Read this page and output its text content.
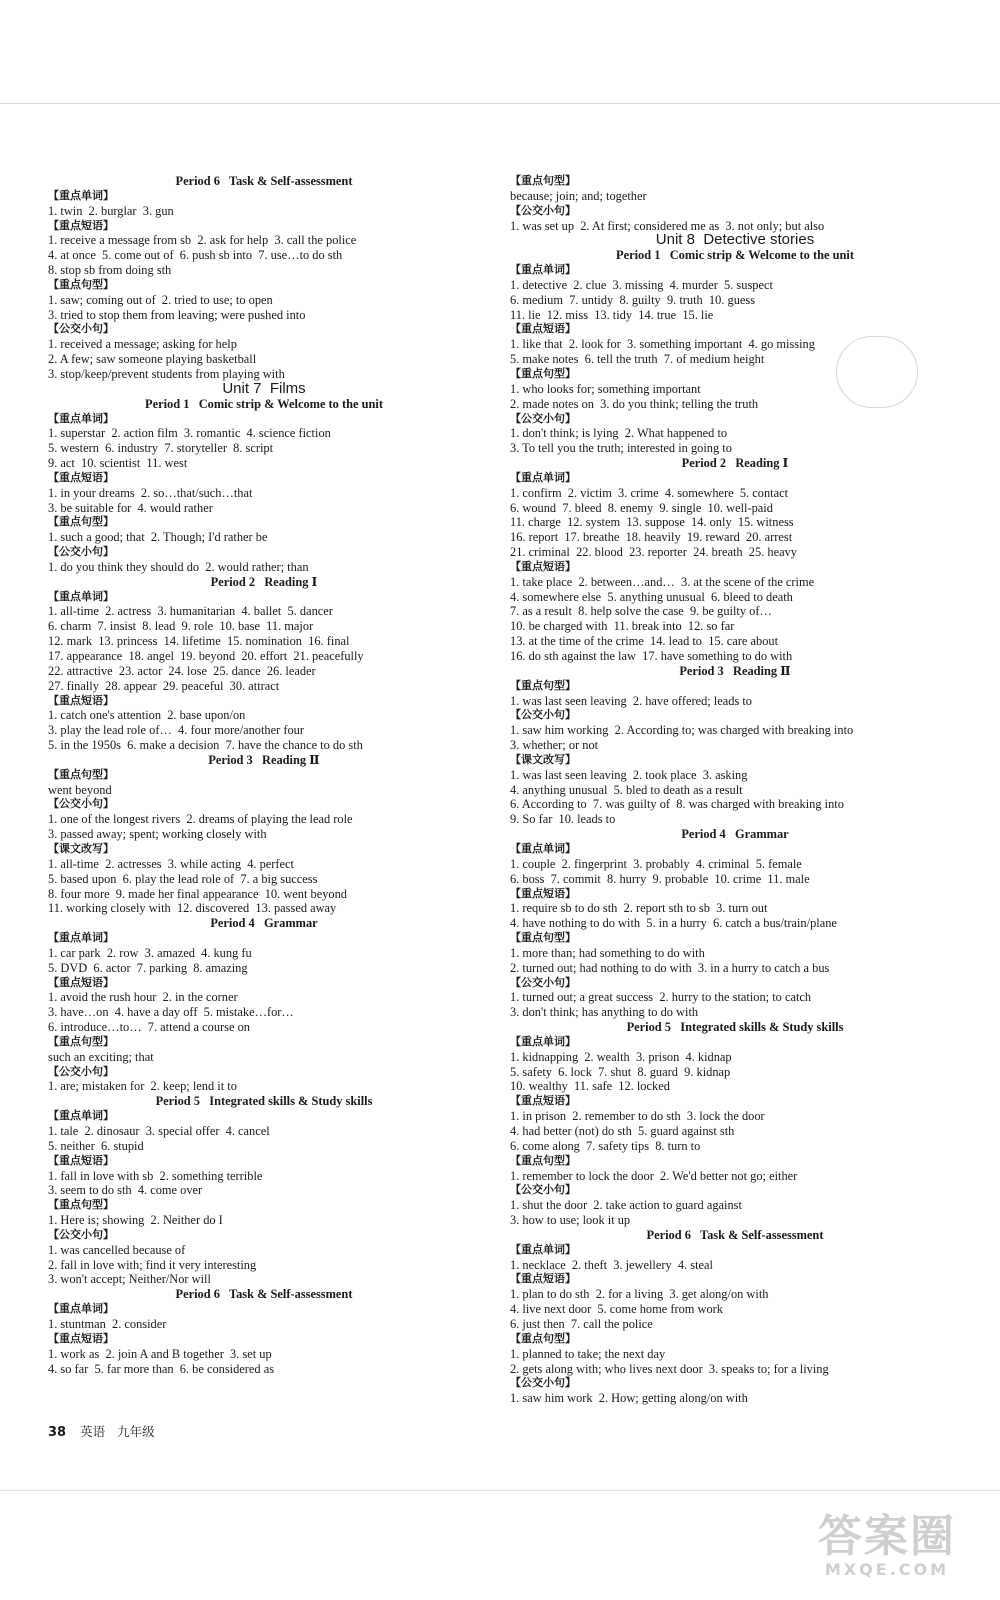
Period 6   Task & Self-assessment
【重点单词】
1. twin  2. burglar  3. gun
【重点短语】
1. receive a message from sb  2. ask for help  3. call the police
4. at once  5. come out of  6. push sb into  7. use…to do sth
8. stop sb from doing sth
【重点句型】
1. saw; coming out of  2. tried to use; to open
3. tried to stop them from leaving; were pushed into
【公交小句】
1. received a message; asking for help
2. A few; saw someone playing basketball
3. stop/keep/prevent students from playing with
Unit 7  Films
Period 1   Comic strip & Welcome to the unit
【重点单词】
1. superstar  2. action film  3. romantic  4. science fiction
5. western  6. industry  7. storyteller  8. script
9. act  10. scientist  11. west
【重点短语】
1. in your dreams  2. so…that/such…that
3. be suitable for  4. would rather
【重点句型】
1. such a good; that  2. Though; I'd rather be
【公交小句】
1. do you think they should do  2. would rather; than
Period 2   Reading Ⅰ
【重点单词】
1. all-time  2. actress  3. humanitarian  4. ballet  5. dancer
6. charm  7. insist  8. lead  9. role  10. base  11. major
12. mark  13. princess  14. lifetime  15. nomination  16. final
17. appearance  18. angel  19. beyond  20. effort  21. peacefully
22. attractive  23. actor  24. lose  25. dance  26. leader
27. finally  28. appear  29. peaceful  30. attract
【重点短语】
1. catch one's attention  2. base upon/on
3. play the lead role of…  4. four more/another four
5. in the 1950s  6. make a decision  7. have the chance to do sth
Period 3   Reading Ⅱ
【重点句型】
went beyond
【公交小句】
1. one of the longest rivers  2. dreams of playing the lead role
3. passed away; spent; working closely with
【课文改写】
1. all-time  2. actresses  3. while acting  4. perfect
5. based upon  6. play the lead role of  7. a big success
8. four more  9. made her final appearance  10. went beyond
11. working closely with  12. discovered  13. passed away
Period 4   Grammar
【重点单词】
1. car park  2. row  3. amazed  4. kung fu
5. DVD  6. actor  7. parking  8. amazing
【重点短语】
1. avoid the rush hour  2. in the corner
3. have…on  4. have a day off  5. mistake…for…
6. introduce…to…  7. attend a course on
【重点句型】
such an exciting; that
【公交小句】
1. are; mistaken for  2. keep; lend it to
Period 5   Integrated skills & Study skills
【重点单词】
1. tale  2. dinosaur  3. special offer  4. cancel
5. neither  6. stupid
【重点短语】
1. fall in love with sb  2. something terrible
3. seem to do sth  4. come over
【重点句型】
1. Here is; showing  2. Neither do I
【公交小句】
1. was cancelled because of
2. fall in love with; find it very interesting
3. won't accept; Neither/Nor will
Period 6   Task & Self-assessment
【重点单词】
1. stuntman  2. consider
【重点短语】
1. work as  2. join A and B together  3. set up
4. so far  5. far more than  6. be considered as
【重点句型】
because; join; and; together
【公交小句】
1. was set up  2. At first; considered me as  3. not only; but also
Unit 8  Detective stories
Period 1   Comic strip & Welcome to the unit
【重点单词】
1. detective  2. clue  3. missing  4. murder  5. suspect
6. medium  7. untidy  8. guilty  9. truth  10. guess
11. lie  12. miss  13. tidy  14. true  15. lie
【重点短语】
1. like that  2. look for  3. something important  4. go missing
5. make notes  6. tell the truth  7. of medium height
【重点句型】
1. who looks for; something important
2. made notes on  3. do you think; telling the truth
【公交小句】
1. don't think; is lying  2. What happened to
3. To tell you the truth; interested in going to
Period 2   Reading Ⅰ
【重点单词】
1. confirm  2. victim  3. crime  4. somewhere  5. contact
6. wound  7. bleed  8. enemy  9. single  10. well-paid
11. charge  12. system  13. suppose  14. only  15. witness
16. report  17. breathe  18. heavily  19. reward  20. arrest
21. criminal  22. blood  23. reporter  24. breath  25. heavy
【重点短语】
1. take place  2. between…and…  3. at the scene of the crime
4. somewhere else  5. anything unusual  6. bleed to death
7. as a result  8. help solve the case  9. be guilty of…
10. be charged with  11. break into  12. so far
13. at the time of the crime  14. lead to  15. care about
16. do sth against the law  17. have something to do with
Period 3   Reading Ⅱ
【重点句型】
1. was last seen leaving  2. have offered; leads to
【公交小句】
1. saw him working  2. According to; was charged with breaking into
3. whether; or not
【课文改写】
1. was last seen leaving  2. took place  3. asking
4. anything unusual  5. bled to death as a result
6. According to  7. was guilty of  8. was charged with breaking into
9. So far  10. leads to
Period 4   Grammar
【重点单词】
1. couple  2. fingerprint  3. probably  4. criminal  5. female
6. boss  7. commit  8. hurry  9. probable  10. crime  11. male
【重点短语】
1. require sb to do sth  2. report sth to sb  3. turn out
4. have nothing to do with  5. in a hurry  6. catch a bus/train/plane
【重点句型】
1. more than; had something to do with
2. turned out; had nothing to do with  3. in a hurry to catch a bus
【公交小句】
1. turned out; a great success  2. hurry to the station; to catch
3. don't think; has anything to do with
Period 5   Integrated skills & Study skills
【重点单词】
1. kidnapping  2. wealth  3. prison  4. kidnap
5. safety  6. lock  7. shut  8. guard  9. kidnap
10. wealthy  11. safe  12. locked
【重点短语】
1. in prison  2. remember to do sth  3. lock the door
4. had better (not) do sth  5. guard against sth
6. come along  7. safety tips  8. turn to
【重点句型】
1. remember to lock the door  2. We'd better not go; either
【公交小句】
1. shut the door  2. take action to guard against
3. how to use; look it up
Period 6   Task & Self-assessment
【重点单词】
1. necklace  2. theft  3. jewellery  4. steal
【重点短语】
1. plan to do sth  2. for a living  3. get along/on with
4. live next door  5. come home from work
6. just then  7. call the police
【重点句型】
1. planned to take; the next day
2. gets along with; who lives next door  3. speaks to; for a living
【公交小句】
1. saw him work  2. How; getting along/on with
38 英语 九年级
答案圈
MXQE.COM
